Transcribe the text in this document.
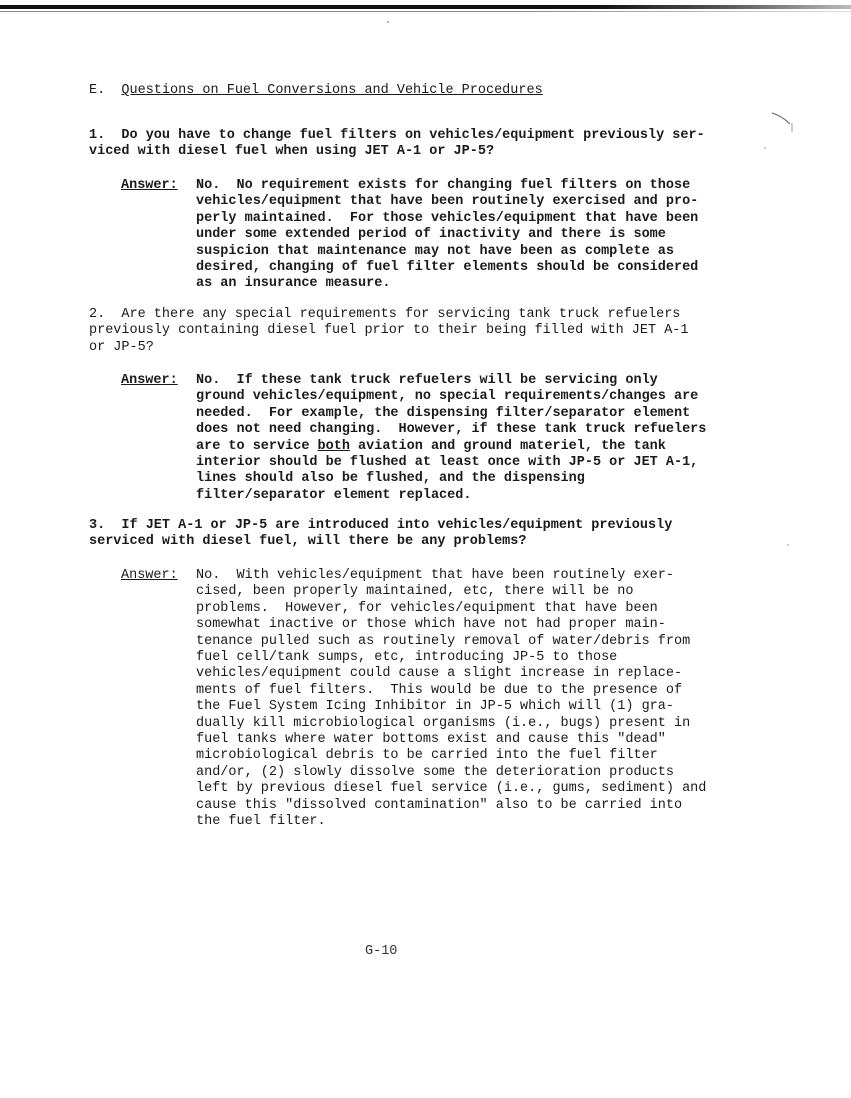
E. Questions on Fuel Conversions and Vehicle Procedures
1.  Do you have to change fuel filters on vehicles/equipment previously ser-
viced with diesel fuel when using JET A-1 or JP-5?
Answer: No.  No requirement exists for changing fuel filters on those
vehicles/equipment that have been routinely exercised and pro-
perly maintained.  For those vehicles/equipment that have been
under some extended period of inactivity and there is some
suspicion that maintenance may not have been as complete as
desired, changing of fuel filter elements should be considered
as an insurance measure.
2.  Are there any special requirements for servicing tank truck refuelers
previously containing diesel fuel prior to their being filled with JET A-1
or JP-5?
Answer: No.  If these tank truck refuelers will be servicing only
ground vehicles/equipment, no special requirements/changes are
needed.  For example, the dispensing filter/separator element
does not need changing.  However, if these tank truck refuelers
are to service both aviation and ground materiel, the tank
interior should be flushed at least once with JP-5 or JET A-1,
lines should also be flushed, and the dispensing
filter/separator element replaced.
3.  If JET A-1 or JP-5 are introduced into vehicles/equipment previously
serviced with diesel fuel, will there be any problems?
Answer: No.  With vehicles/equipment that have been routinely exer-
cised, been properly maintained, etc, there will be no
problems.  However, for vehicles/equipment that have been
somewhat inactive or those which have not had proper main-
tenance pulled such as routinely removal of water/debris from
fuel cell/tank sumps, etc, introducing JP-5 to those
vehicles/equipment could cause a slight increase in replace-
ments of fuel filters.  This would be due to the presence of
the Fuel System Icing Inhibitor in JP-5 which will (1) gra-
dually kill microbiological organisms (i.e., bugs) present in
fuel tanks where water bottoms exist and cause this "dead"
microbiological debris to be carried into the fuel filter
and/or, (2) slowly dissolve some the deterioration products
left by previous diesel fuel service (i.e., gums, sediment) and
cause this "dissolved contamination" also to be carried into
the fuel filter.
G-10
